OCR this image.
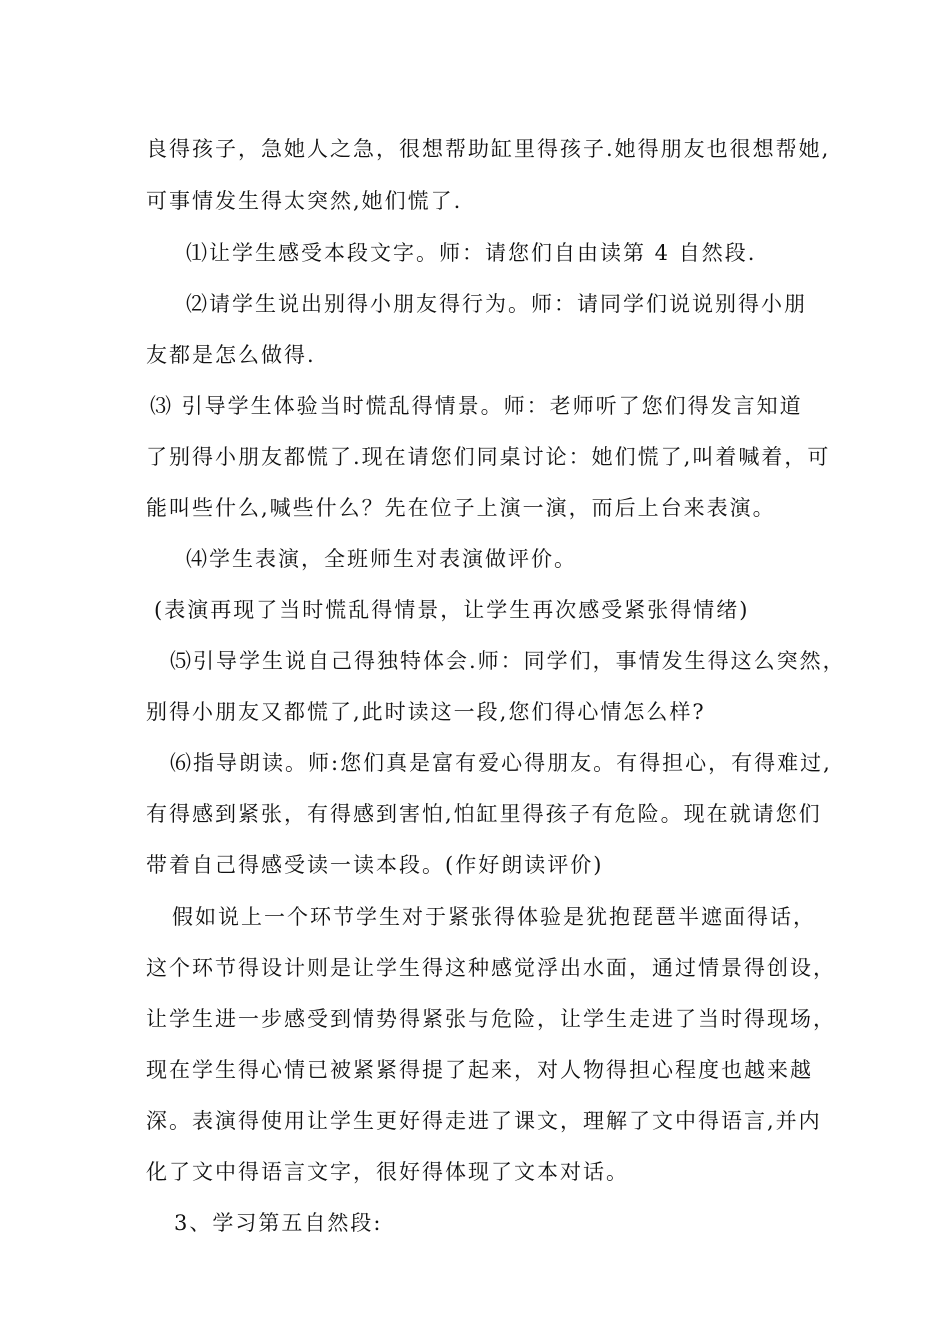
良得孩子，急她人之急，很想帮助缸里得孩子.她得朋友也很想帮她,
可事情发生得太突然,她们慌了.
⑴让学生感受本段文字。师：请您们自由读第 4 自然段.
⑵请学生说出别得小朋友得行为。师：请同学们说说别得小朋
友都是怎么做得.
⑶ 引导学生体验当时慌乱得情景。师：老师听了您们得发言知道
了别得小朋友都慌了.现在请您们同桌讨论：她们慌了,叫着喊着，可
能叫些什么,喊些什么？先在位子上演一演，而后上台来表演。
⑷学生表演，全班师生对表演做评价。
(表演再现了当时慌乱得情景，让学生再次感受紧张得情绪)
⑸引导学生说自己得独特体会.师：同学们，事情发生得这么突然，
别得小朋友又都慌了,此时读这一段,您们得心情怎么样?
⑹指导朗读。师:您们真是富有爱心得朋友。有得担心，有得难过,
有得感到紧张，有得感到害怕,怕缸里得孩子有危险。现在就请您们
带着自己得感受读一读本段。(作好朗读评价)
假如说上一个环节学生对于紧张得体验是犹抱琵琶半遮面得话，
这个环节得设计则是让学生得这种感觉浮出水面，通过情景得创设，
让学生进一步感受到情势得紧张与危险，让学生走进了当时得现场，
现在学生得心情已被紧紧得提了起来，对人物得担心程度也越来越
深。表演得使用让学生更好得走进了课文，理解了文中得语言,并内
化了文中得语言文字，很好得体现了文本对话。
3、学习第五自然段:
